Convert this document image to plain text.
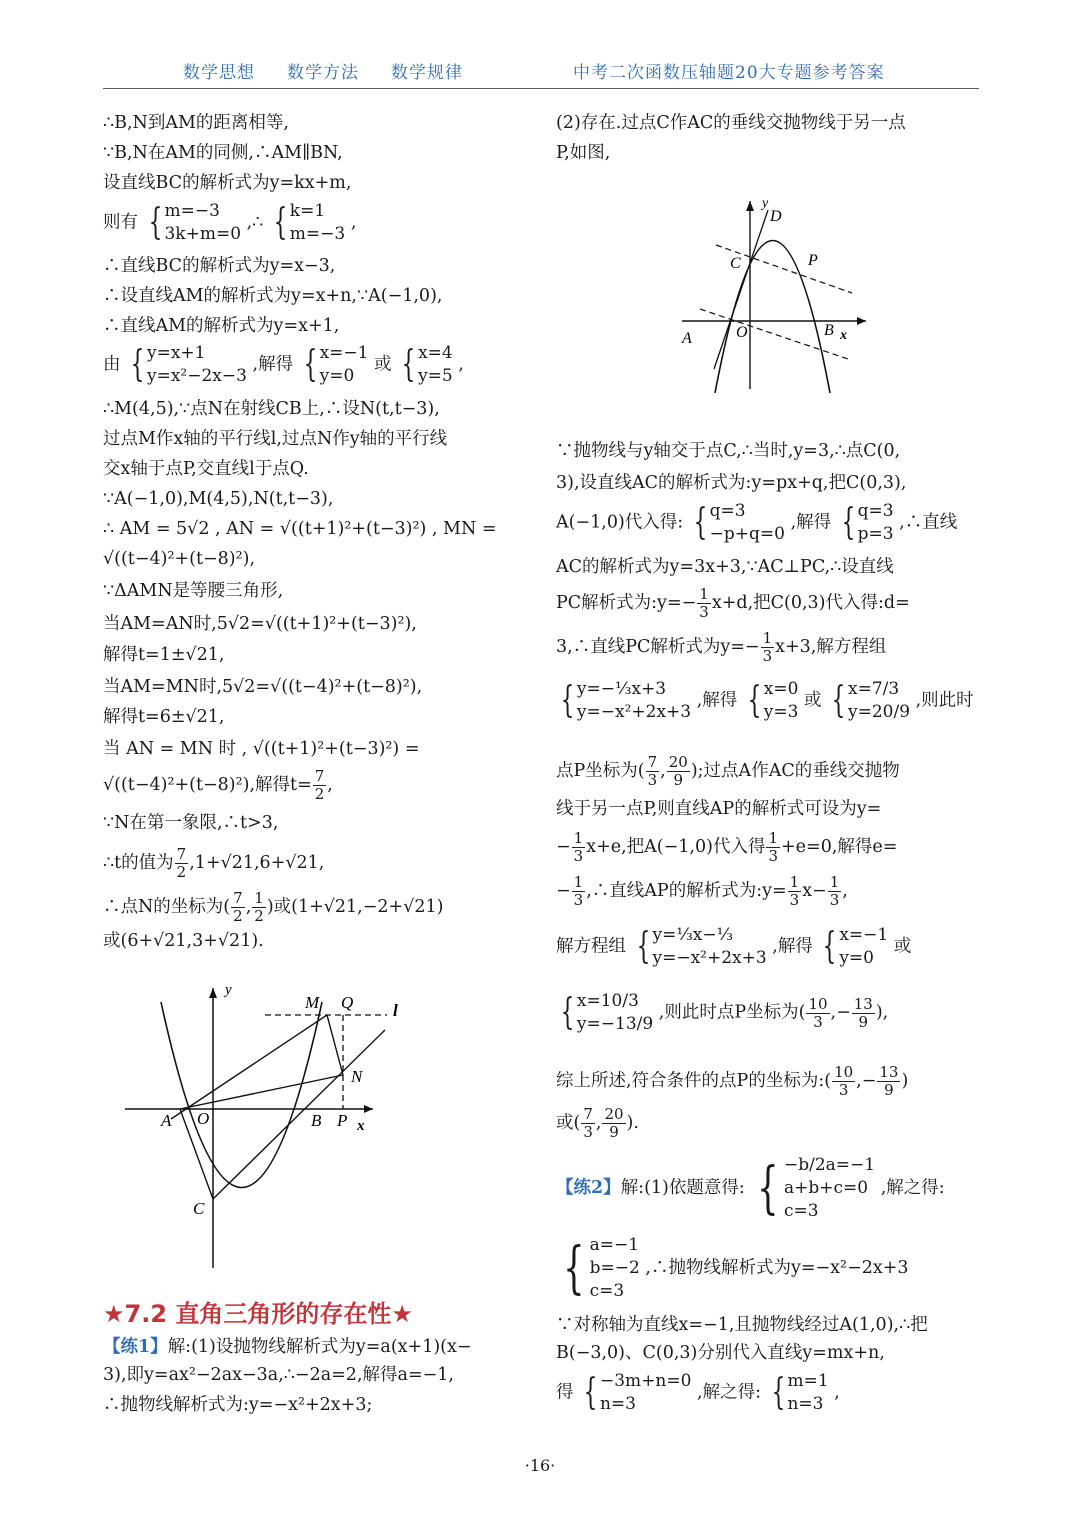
数学思想 数学方法 数学规律	中考二次函数压轴题20大专题参考答案
∴B,N到AM的距离相等,
∵B,N在AM的同侧,∴AM∥BN,
设直线BC的解析式为y=kx+m,
则有 { m=−3
3k+m=0
,∴ { k=1
m=−3
,
∴直线BC的解析式为y=x−3,
∴设直线AM的解析式为y=x+n,∵A(−1,0),
∴直线AM的解析式为y=x+1,
由 { y=x+1
y=x²−2x−3
,解得 { x=−1
y=0
或 { x=4
y=5
,
∴M(4,5),∵点N在射线CB上,∴设N(t,t−3),
过点M作x轴的平行线l,过点N作y轴的平行线
交x轴于点P,交直线l于点Q.
∵A(−1,0),M(4,5),N(t,t−3),
∴ AM = 5√2 , AN = √((t+1)²+(t−3)²) , MN =
√((t−4)²+(t−8)²),
∵ΔAMN是等腰三角形,
当AM=AN时,5√2=√((t+1)²+(t−3)²),
解得t=1±√21,
当AM=MN时,5√2=√((t−4)²+(t−8)²),
解得t=6±√21,
当 AN = MN 时 , √((t+1)²+(t−3)²) =
√((t−4)²+(t−8)²),解得$t= \frac{7}{2}$ ,
∵N在第一象限,∴t>3,
∴t的值为 $\frac{7}{2} ,1+√21,6+√21$,
∴点N的坐标为( $\frac{7}{2}$ , $\frac{1}{2}$ )或(1+√21,−2+√21)
或(6+√21,3+√21).
y
M Q l
N
A O	B P x
C
★7.2 直角三角形的存在性★
【练1】解:(1)设抛物线解析式为y=a(x+1)(x−
3),即y=ax²−2ax−3a,∴−2a=2,解得a=−1,
∴抛物线解析式为:y=−x²+2x+3;
(2)存在.过点C作AC的垂线交抛物线于另一点
P,如图,
y
D
C	P
A	O	B x
∵抛物线与y轴交于点C,∴当时,y=3,∴点C(0,
3),设直线AC的解析式为:y=px+q,把C(0,3),
A(−1,0)代入得: { q=3
−p+q=0
,解得 { q=3
p=3
,∴直线
AC的解析式为y=3x+3,∵AC⊥PC,∴设直线
PC解析式为:y=− $\frac{1}{3} x+d$,把C(0,3)代入得:d=
3,∴直线PC解析式为$y=- \frac{1}{3} x+3$,解方程组
{ y=−⅓x+3
y=−x²+2x+3
,解得 { x=0
y=3
或 { x=7/3
y=20/9
,则此时
点P坐标为( $\frac{7}{3}$ , $\frac{20}{9}$ );过点A作AC的垂线交抛物
线于另一点P,则直线AP的解析式可设为y=
− $\frac{1}{3} x+e$,把A(−1,0)代入得 $\frac{1}{3} +e=0$,解得e=
− $\frac{1}{3}$ ,∴直线AP的解析式为:y= $\frac{1}{3} x- \frac{1}{3}$ ,
解方程组 { y=⅓x−⅓
y=−x²+2x+3
,解得 { x=−1
y=0
或
{ x=10/3
y=−13/9
,则此时点P坐标为( $\frac{10}{3}$ ,− $\frac{13}{9}$ ),
综上所述,符合条件的点P的坐标为:( $\frac{10}{3}$ ,− $\frac{13}{9}$ )
或( $\frac{7}{3}$ , $\frac{20}{9}$ ).
【练2】解:(1)依题意得: { −b/2a=−1
a+b+c=0
c=3
,解之得:
{ a=−1
b=−2
c=3
,∴抛物线解析式为y=−x²−2x+3
∵对称轴为直线x=−1,且抛物线经过A(1,0),∴把
B(−3,0)、C(0,3)分别代入直线y=mx+n,
得 { −3m+n=0
n=3
,解之得: { m=1
n=3
,
·16·
